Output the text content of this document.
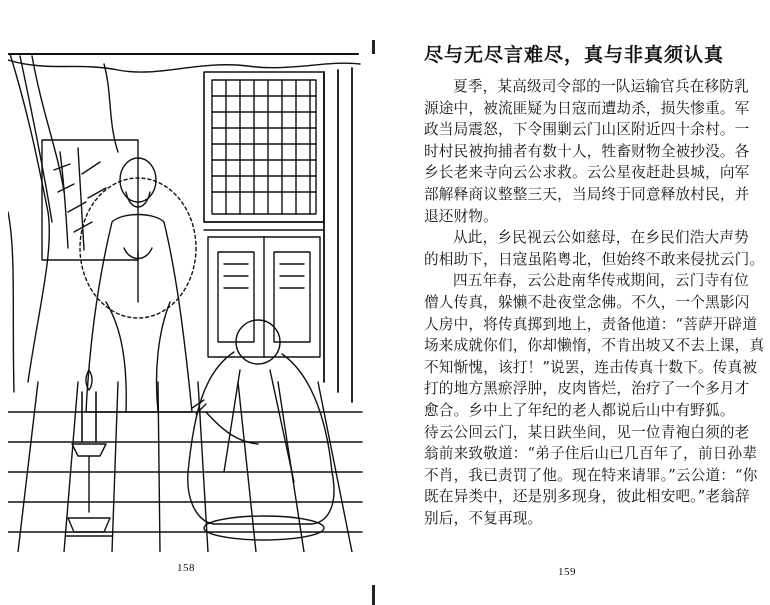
158
尽与无尽言难尽，真与非真须认真
夏季，某高级司令部的一队运输官兵在移防乳
源途中，被流匪疑为日寇而遭劫杀，损失惨重。军
政当局震怒，下令围剿云门山区附近四十余村。一
时村民被拘捕者有数十人，牲畜财物全被抄没。各
乡长老来寺向云公求救。云公星夜赶赴县城，向军
部解释商议整整三天，当局终于同意释放村民，并
退还财物。
从此，乡民视云公如慈母，在乡民们浩大声势
的相助下，日寇虽陷粤北，但始终不敢来侵扰云门。
四五年春，云公赴南华传戒期间，云门寺有位
僧人传真，躲懒不赴夜堂念佛。不久，一个黑影闪
人房中，将传真掷到地上，责备他道：“菩萨开辟道
场来成就你们，你却懒惰，不肯出坡又不去上课，真
不知惭愧，该打！”说罢，连击传真十数下。传真被
打的地方黑瘀浮肿，皮肉皆烂，治疗了一个多月才
愈合。乡中上了年纪的老人都说后山中有野狐。
待云公回云门，某日趺坐间，见一位青袍白须的老
翁前来致敬道：“弟子住后山已几百年了，前日孙辈
不肖，我已责罚了他。现在特来请罪。”云公道：“你
既在异类中，还是别多现身，彼此相安吧。”老翁辞
别后，不复再现。
159
